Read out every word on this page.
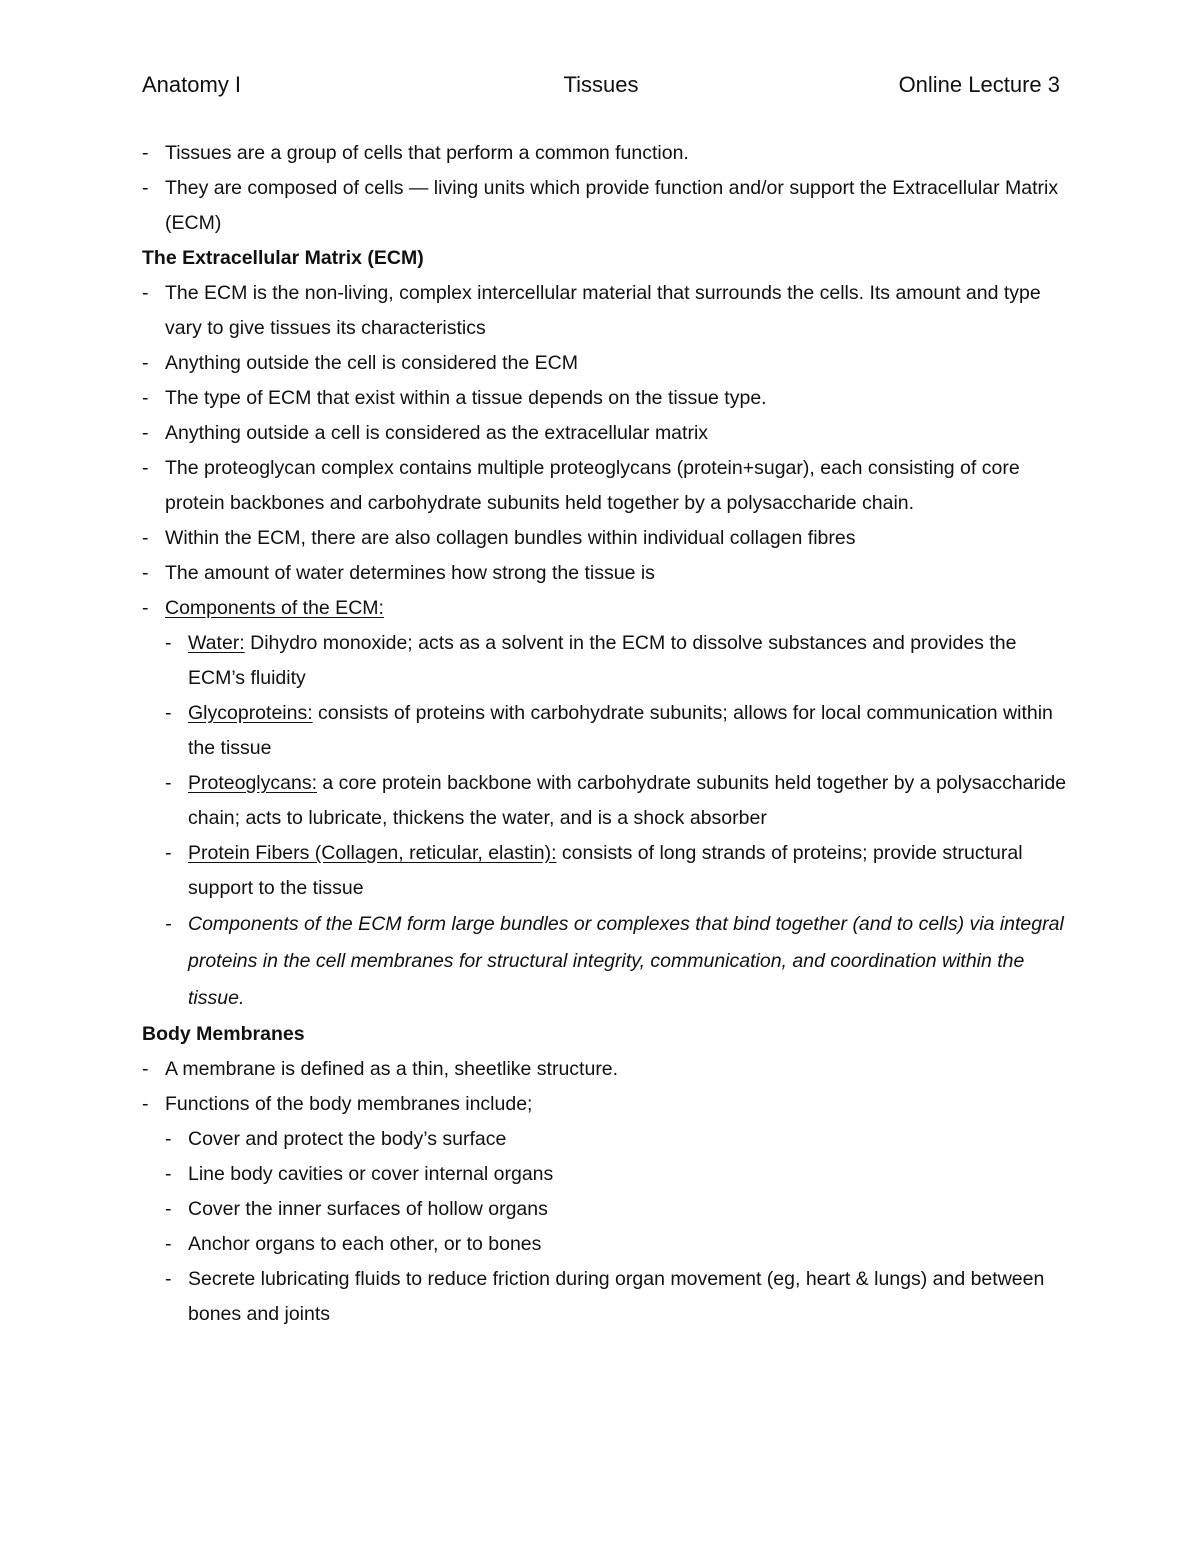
Anatomy I	Tissues	Online Lecture 3
- Tissues are a group of cells that perform a common function.
- They are composed of cells — living units which provide function and/or support the Extracellular Matrix (ECM)
The Extracellular Matrix (ECM)
- The ECM is the non-living, complex intercellular material that surrounds the cells. Its amount and type vary to give tissues its characteristics
- Anything outside the cell is considered the ECM
- The type of ECM that exist within a tissue depends on the tissue type.
- Anything outside a cell is considered as the extracellular matrix
- The proteoglycan complex contains multiple proteoglycans (protein+sugar), each consisting of core protein backbones and carbohydrate subunits held together by a polysaccharide chain.
- Within the ECM, there are also collagen bundles within individual collagen fibres
- The amount of water determines how strong the tissue is
- Components of the ECM:
- Water: Dihydro monoxide; acts as a solvent in the ECM to dissolve substances and provides the ECM’s fluidity
- Glycoproteins: consists of proteins with carbohydrate subunits; allows for local communication within the tissue
- Proteoglycans: a core protein backbone with carbohydrate subunits held together by a polysaccharide chain; acts to lubricate, thickens the water, and is a shock absorber
- Protein Fibers (Collagen, reticular, elastin): consists of long strands of proteins; provide structural support to the tissue
- Components of the ECM form large bundles or complexes that bind together (and to cells) via integral proteins in the cell membranes for structural integrity, communication, and coordination within the tissue.
Body Membranes
- A membrane is defined as a thin, sheetlike structure.
- Functions of the body membranes include;
- Cover and protect the body’s surface
- Line body cavities or cover internal organs
- Cover the inner surfaces of hollow organs
- Anchor organs to each other, or to bones
- Secrete lubricating fluids to reduce friction during organ movement (eg, heart & lungs) and between bones and joints
